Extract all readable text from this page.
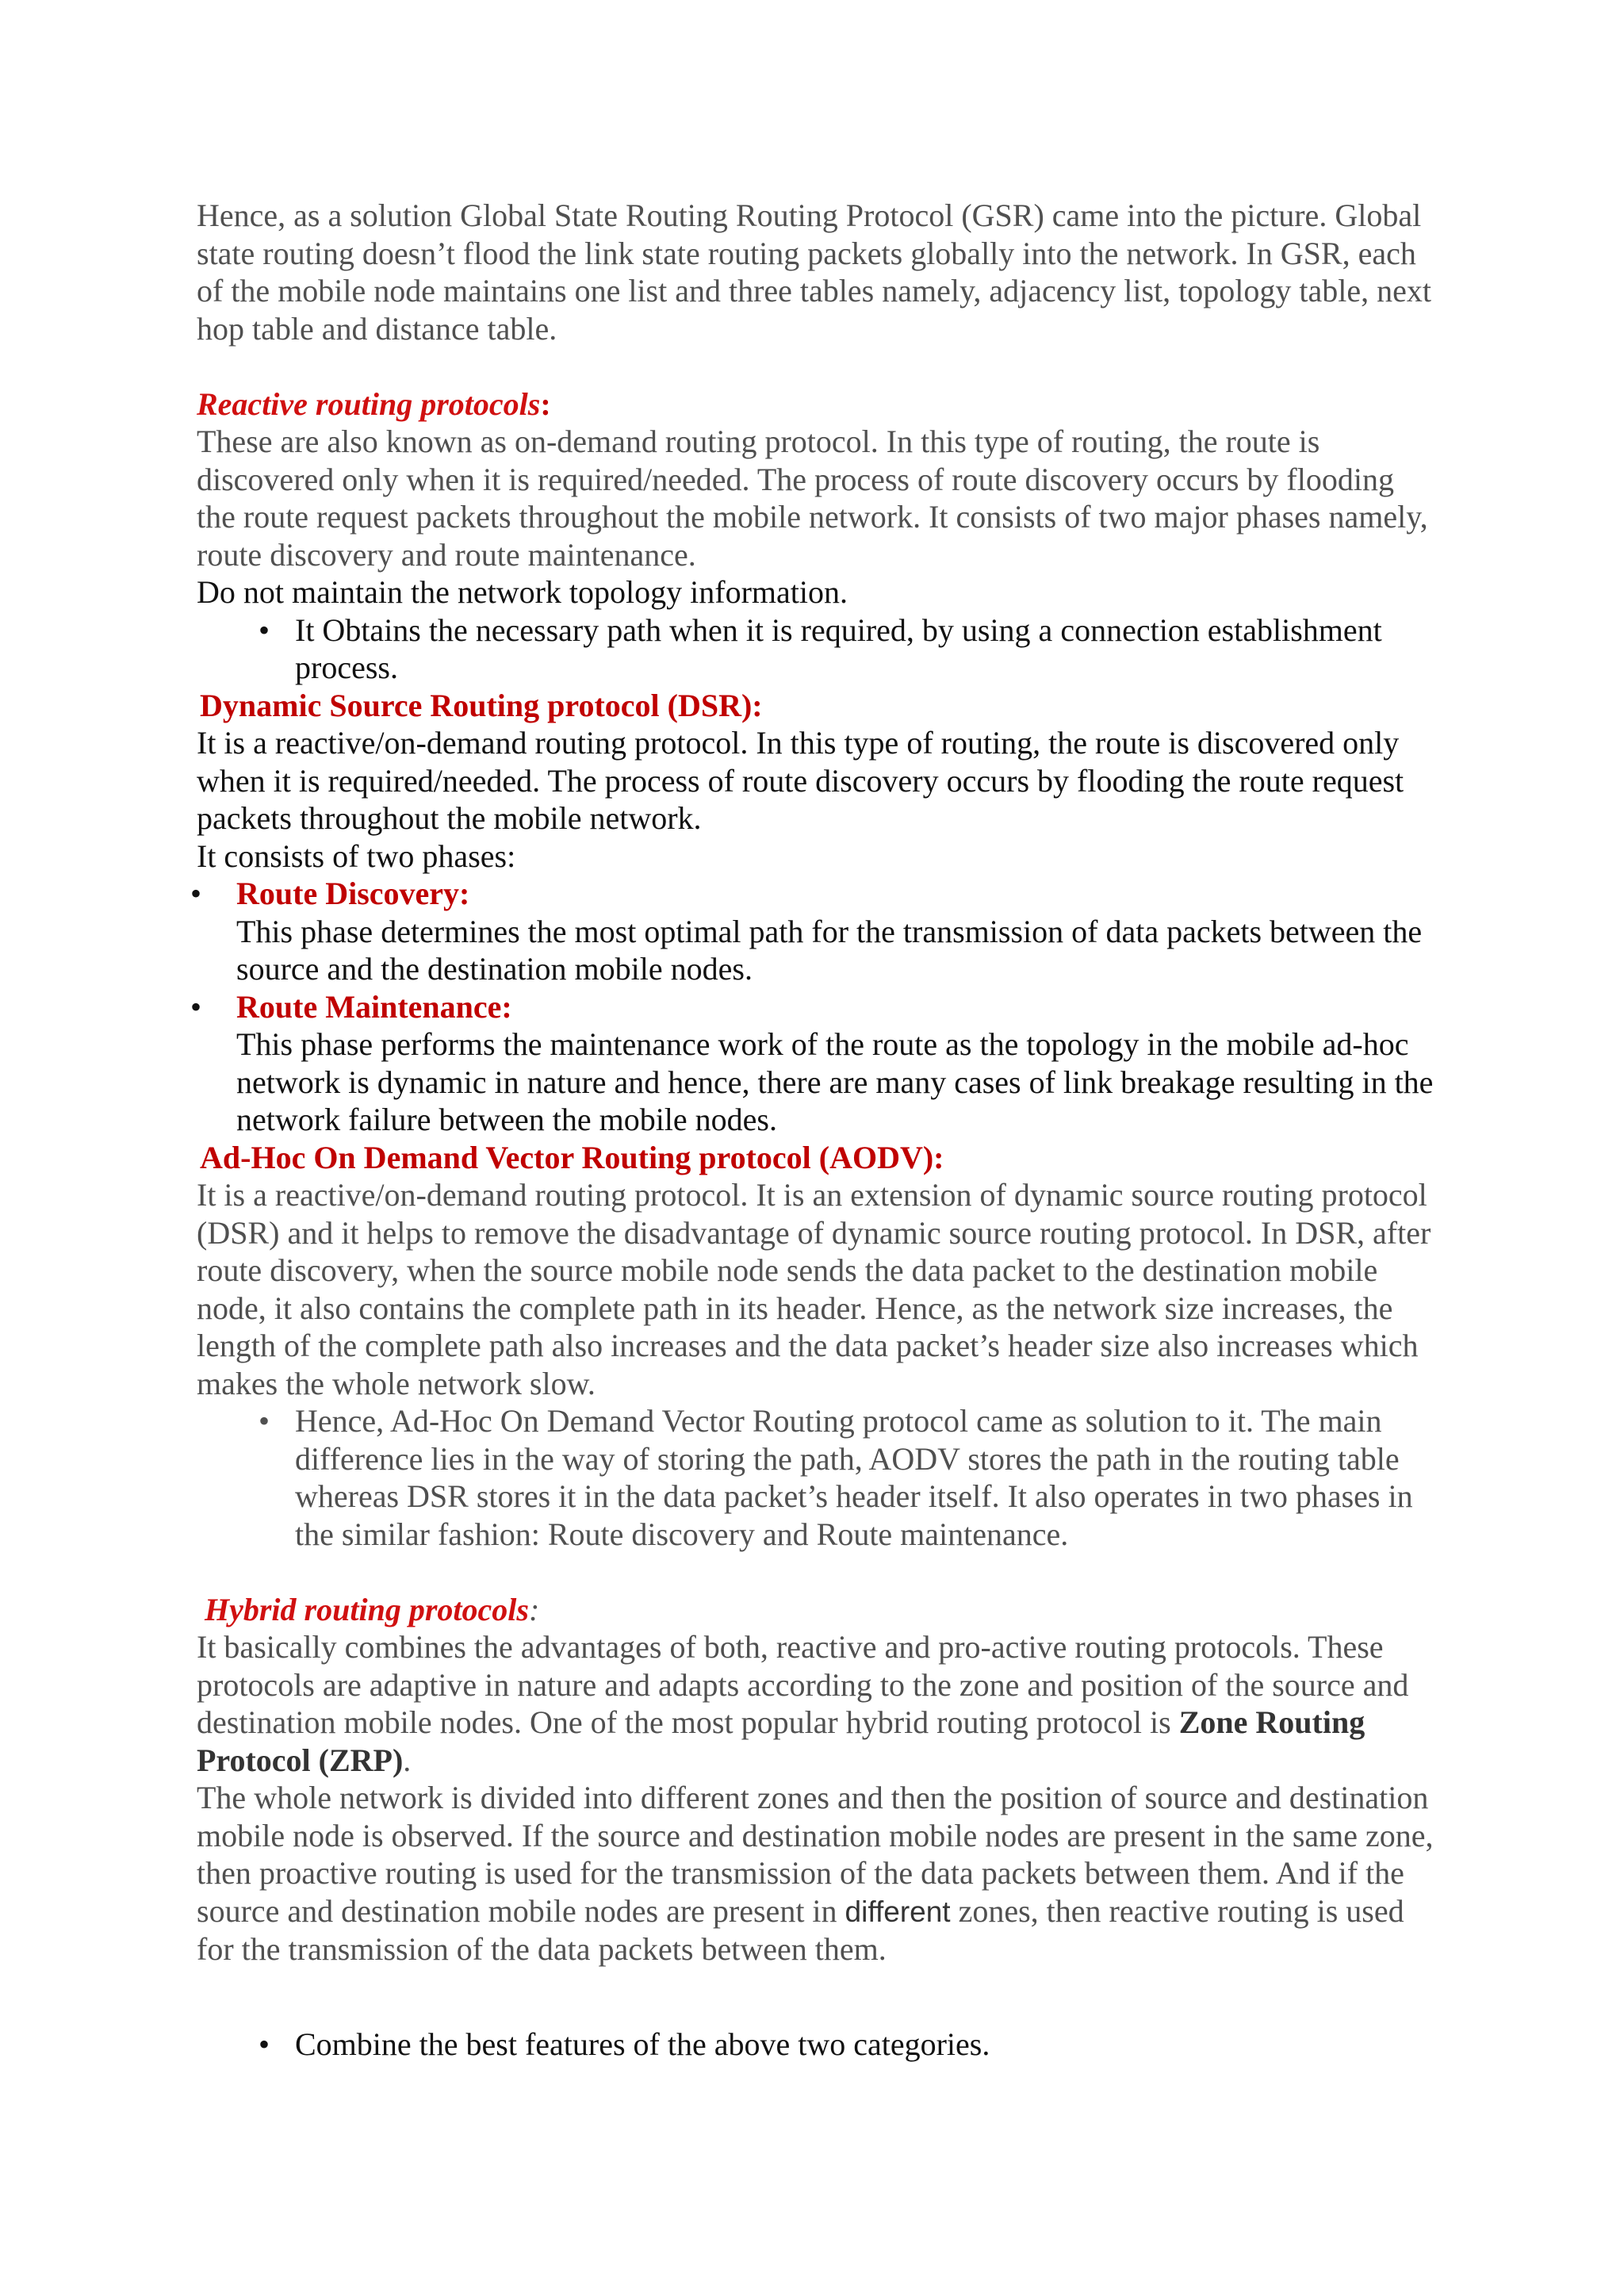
Hence, as a solution Global State Routing Routing Protocol (GSR) came into the picture. Global state routing doesn’t flood the link state routing packets globally into the network. In GSR, each of the mobile node maintains one list and three tables namely, adjacency list, topology table, next hop table and distance table.

Reactive routing protocols:

These are also known as on-demand routing protocol. In this type of routing, the route is discovered only when it is required/needed. The process of route discovery occurs by flooding the route request packets throughout the mobile network. It consists of two major phases namely, route discovery and route maintenance.

Do not maintain the network topology information.

• It Obtains the necessary path when it is required, by using a connection establishment process.

Dynamic Source Routing protocol (DSR):

It is a reactive/on-demand routing protocol. In this type of routing, the route is discovered only when it is required/needed. The process of route discovery occurs by flooding the route request packets throughout the mobile network.

It consists of two phases:

• Route Discovery:

This phase determines the most optimal path for the transmission of data packets between the source and the destination mobile nodes.

• Route Maintenance:

This phase performs the maintenance work of the route as the topology in the mobile ad-hoc network is dynamic in nature and hence, there are many cases of link breakage resulting in the network failure between the mobile nodes.

Ad-Hoc On Demand Vector Routing protocol (AODV):

It is a reactive/on-demand routing protocol. It is an extension of dynamic source routing protocol (DSR) and it helps to remove the disadvantage of dynamic source routing protocol. In DSR, after route discovery, when the source mobile node sends the data packet to the destination mobile node, it also contains the complete path in its header. Hence, as the network size increases, the length of the complete path also increases and the data packet’s header size also increases which makes the whole network slow.

• Hence, Ad-Hoc On Demand Vector Routing protocol came as solution to it. The main difference lies in the way of storing the path, AODV stores the path in the routing table whereas DSR stores it in the data packet’s header itself. It also operates in two phases in the similar fashion: Route discovery and Route maintenance.

Hybrid routing protocols:

It basically combines the advantages of both, reactive and pro-active routing protocols. These protocols are adaptive in nature and adapts according to the zone and position of the source and destination mobile nodes. One of the most popular hybrid routing protocol is Zone Routing Protocol (ZRP).

The whole network is divided into different zones and then the position of source and destination mobile node is observed. If the source and destination mobile nodes are present in the same zone, then proactive routing is used for the transmission of the data packets between them. And if the source and destination mobile nodes are present in different zones, then reactive routing is used for the transmission of the data packets between them.

• Combine the best features of the above two categories.
